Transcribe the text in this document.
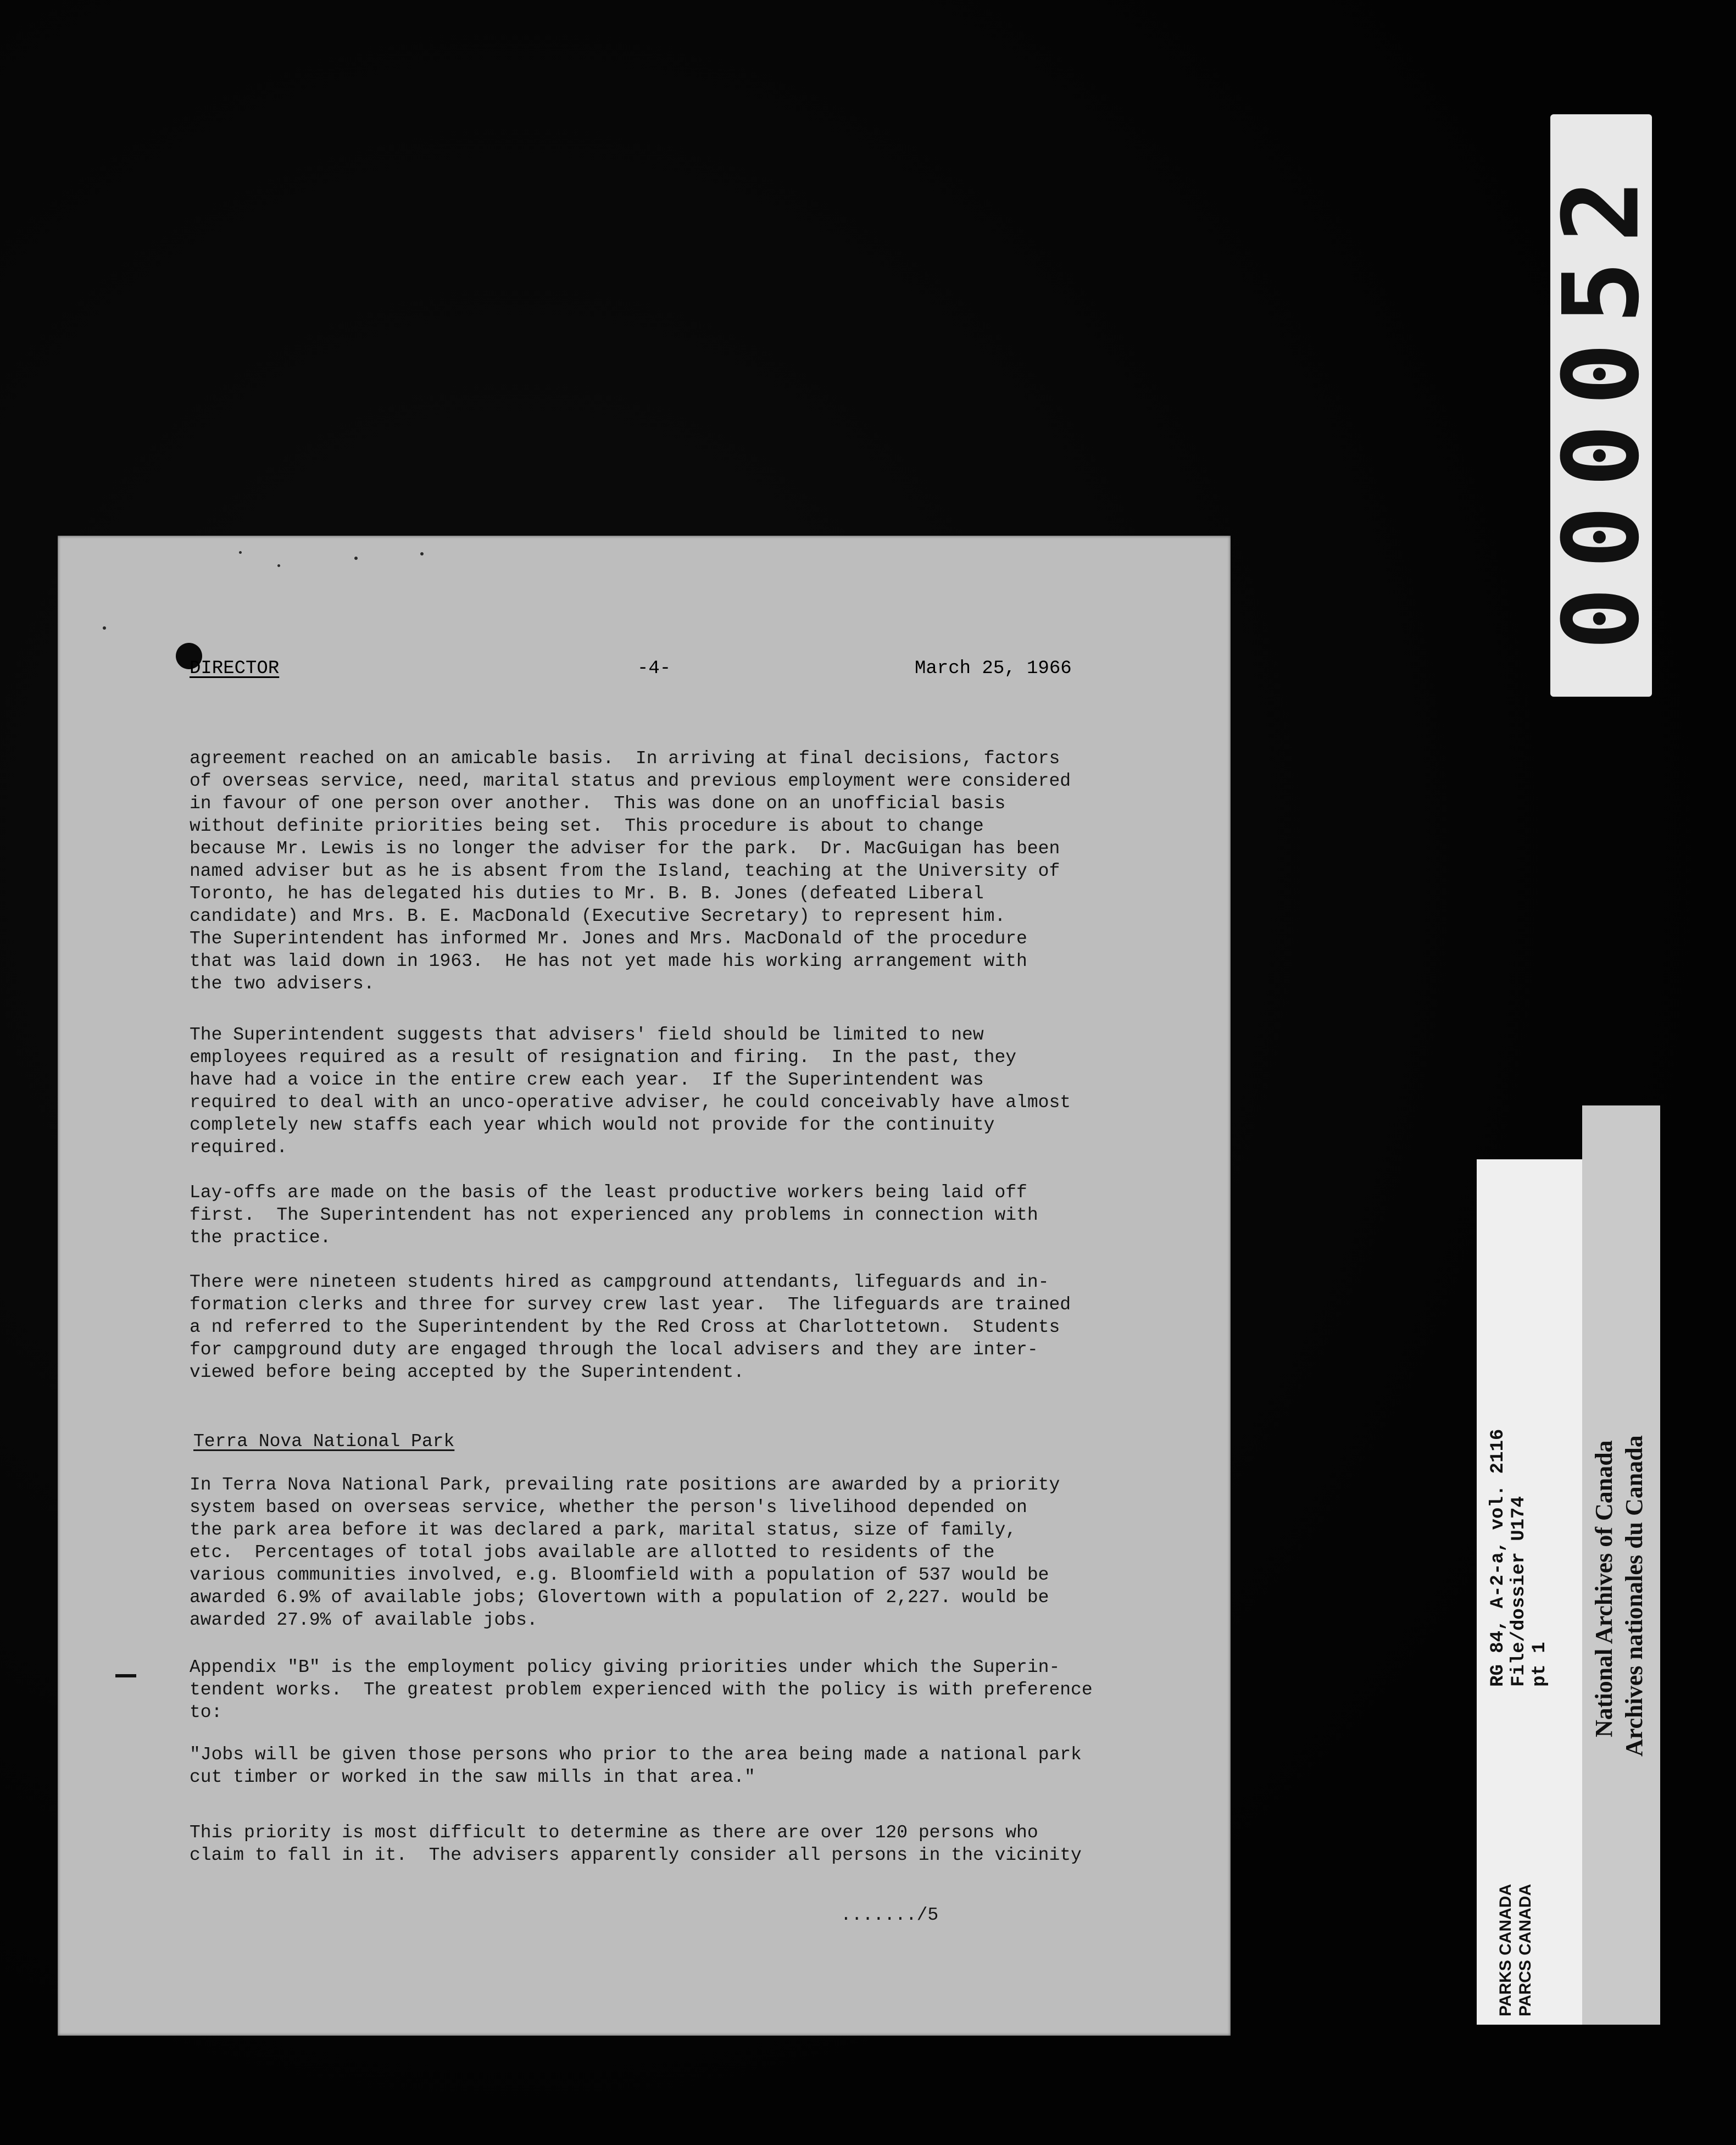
DIRECTOR	-4-	March 25, 1966

agreement reached on an amicable basis.  In arriving at final decisions, factors
of overseas service, need, marital status and previous employment were considered
in favour of one person over another.  This was done on an unofficial basis
without definite priorities being set.  This procedure is about to change
because Mr. Lewis is no longer the adviser for the park.  Dr. MacGuigan has been
named adviser but as he is absent from the Island, teaching at the University of
Toronto, he has delegated his duties to Mr. B. B. Jones (defeated Liberal
candidate) and Mrs. B. E. MacDonald (Executive Secretary) to represent him.
The Superintendent has informed Mr. Jones and Mrs. MacDonald of the procedure
that was laid down in 1963.  He has not yet made his working arrangement with
the two advisers.

The Superintendent suggests that advisers' field should be limited to new
employees required as a result of resignation and firing.  In the past, they
have had a voice in the entire crew each year.  If the Superintendent was
required to deal with an unco-operative adviser, he could conceivably have almost
completely new staffs each year which would not provide for the continuity
required.

Lay-offs are made on the basis of the least productive workers being laid off
first.  The Superintendent has not experienced any problems in connection with
the practice.

There were nineteen students hired as campground attendants, lifeguards and in-
formation clerks and three for survey crew last year.  The lifeguards are trained
a nd referred to the Superintendent by the Red Cross at Charlottetown.  Students
for campground duty are engaged through the local advisers and they are inter-
viewed before being accepted by the Superintendent.

Terra Nova National Park

In Terra Nova National Park, prevailing rate positions are awarded by a priority
system based on overseas service, whether the person's livelihood depended on
the park area before it was declared a park, marital status, size of family,
etc.  Percentages of total jobs available are allotted to residents of the
various communities involved, e.g. Bloomfield with a population of 537 would be
awarded 6.9% of available jobs; Glovertown with a population of 2,227. would be
awarded 27.9% of available jobs.

Appendix "B" is the employment policy giving priorities under which the Superin-
tendent works.  The greatest problem experienced with the policy is with preference
to:

"Jobs will be given those persons who prior to the area being made a national park
cut timber or worked in the saw mills in that area."

This priority is most difficult to determine as there are over 120 persons who
claim to fall in it.  The advisers apparently consider all persons in the vicinity

......./5
000052
RG 84, A-2-a, vol. 2116 File/dossier U174 pt 1
PARKS CANADA PARCS CANADA
National Archives of Canada Archives nationales du Canada
